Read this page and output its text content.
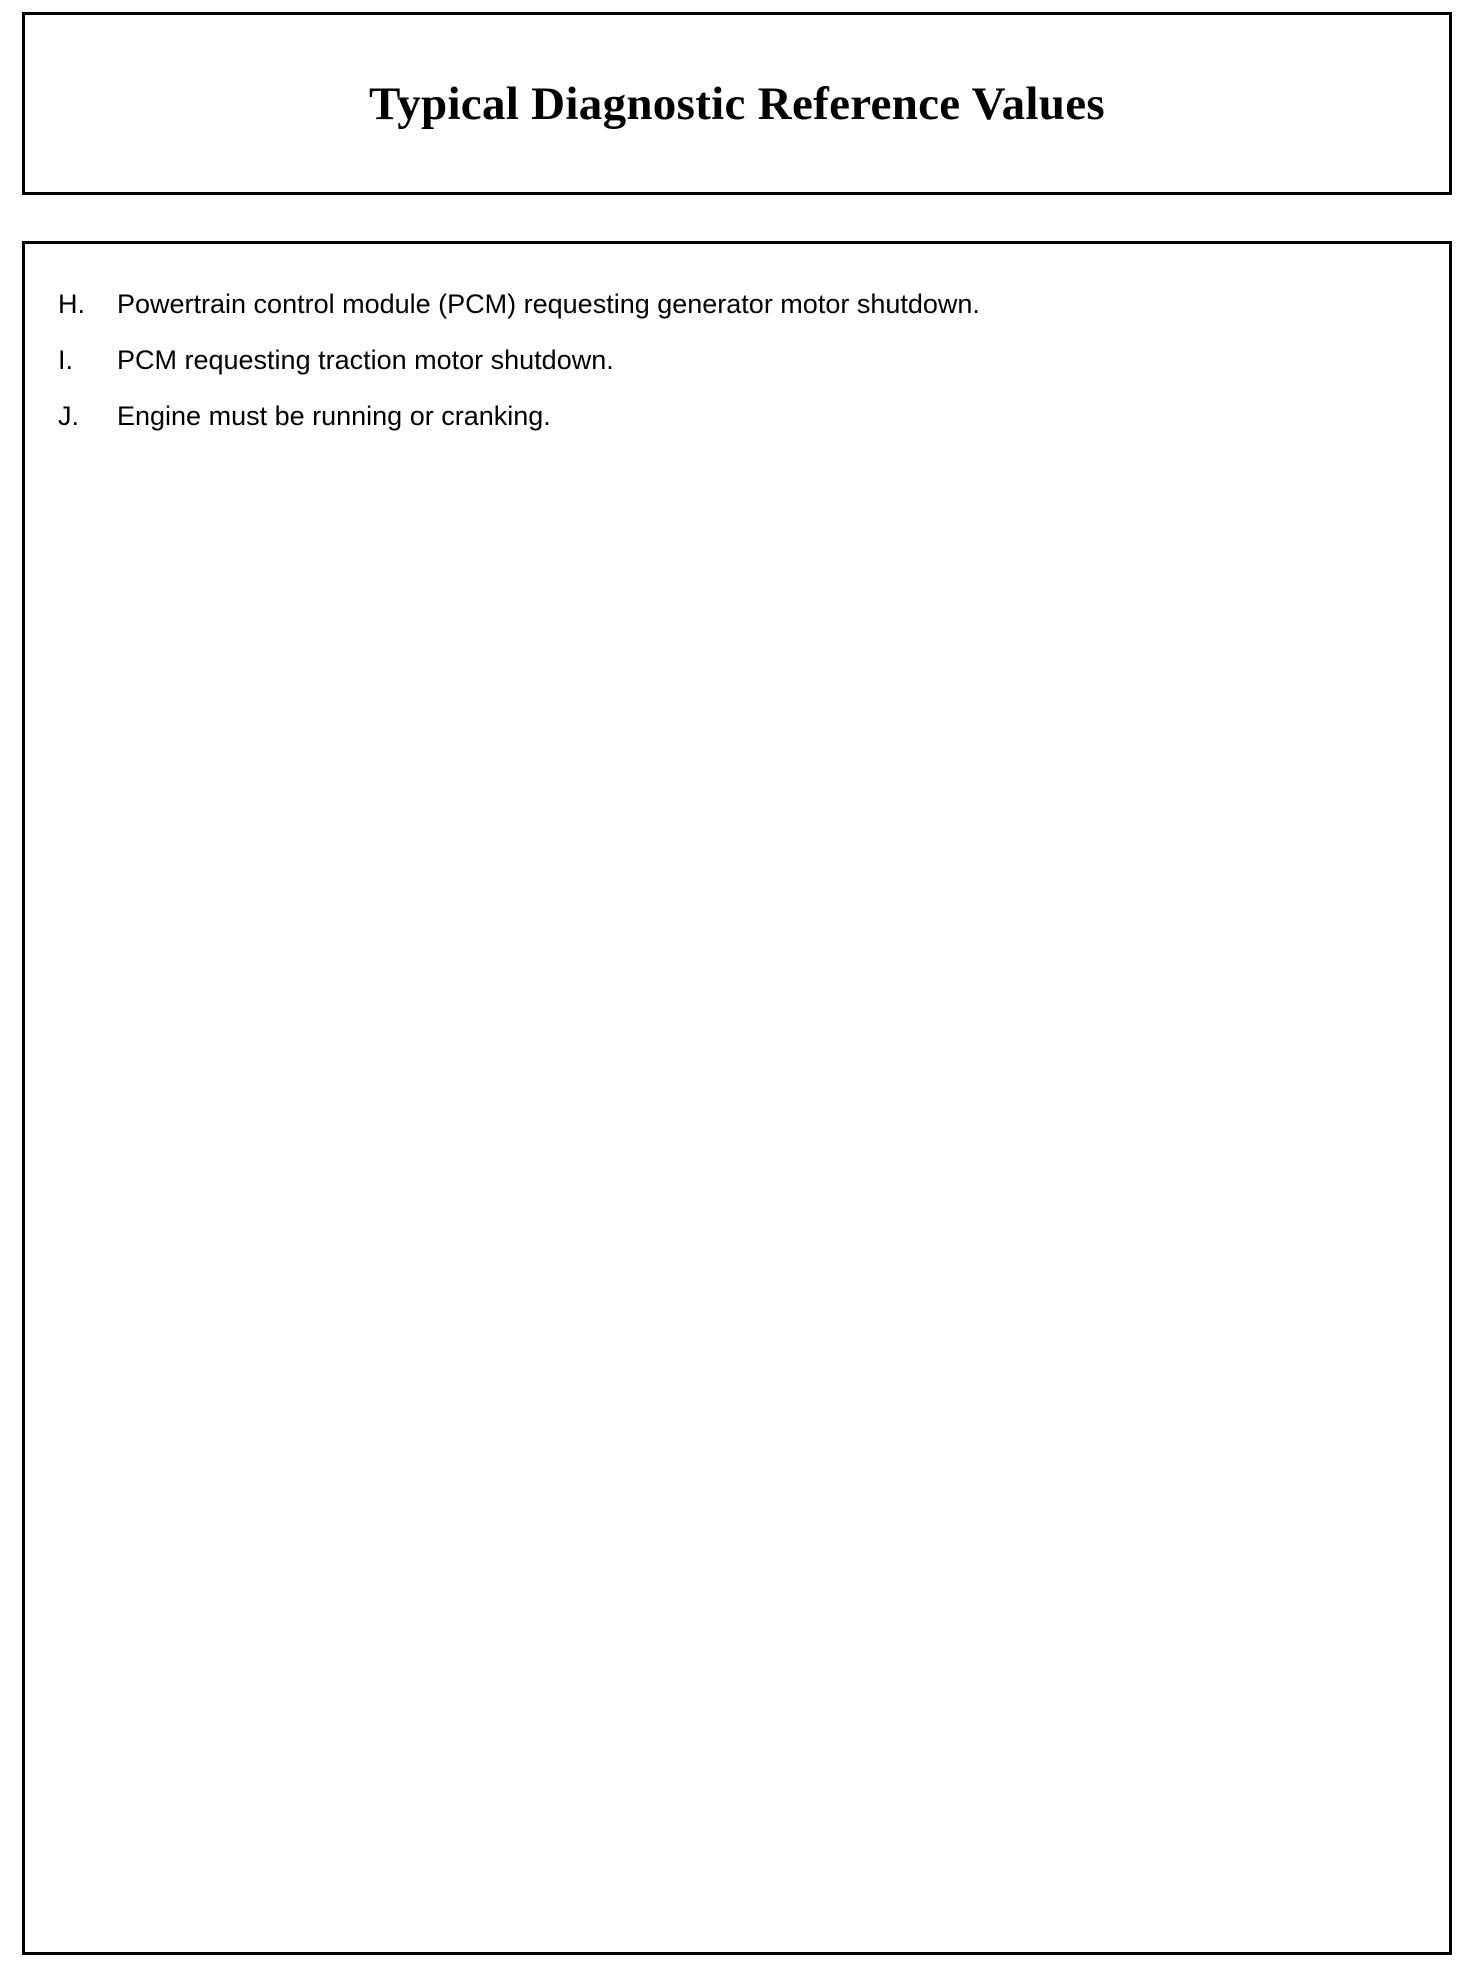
Typical Diagnostic Reference Values
H.	Powertrain control module (PCM) requesting generator motor shutdown.
I.	PCM requesting traction motor shutdown.
J.	Engine must be running or cranking.
